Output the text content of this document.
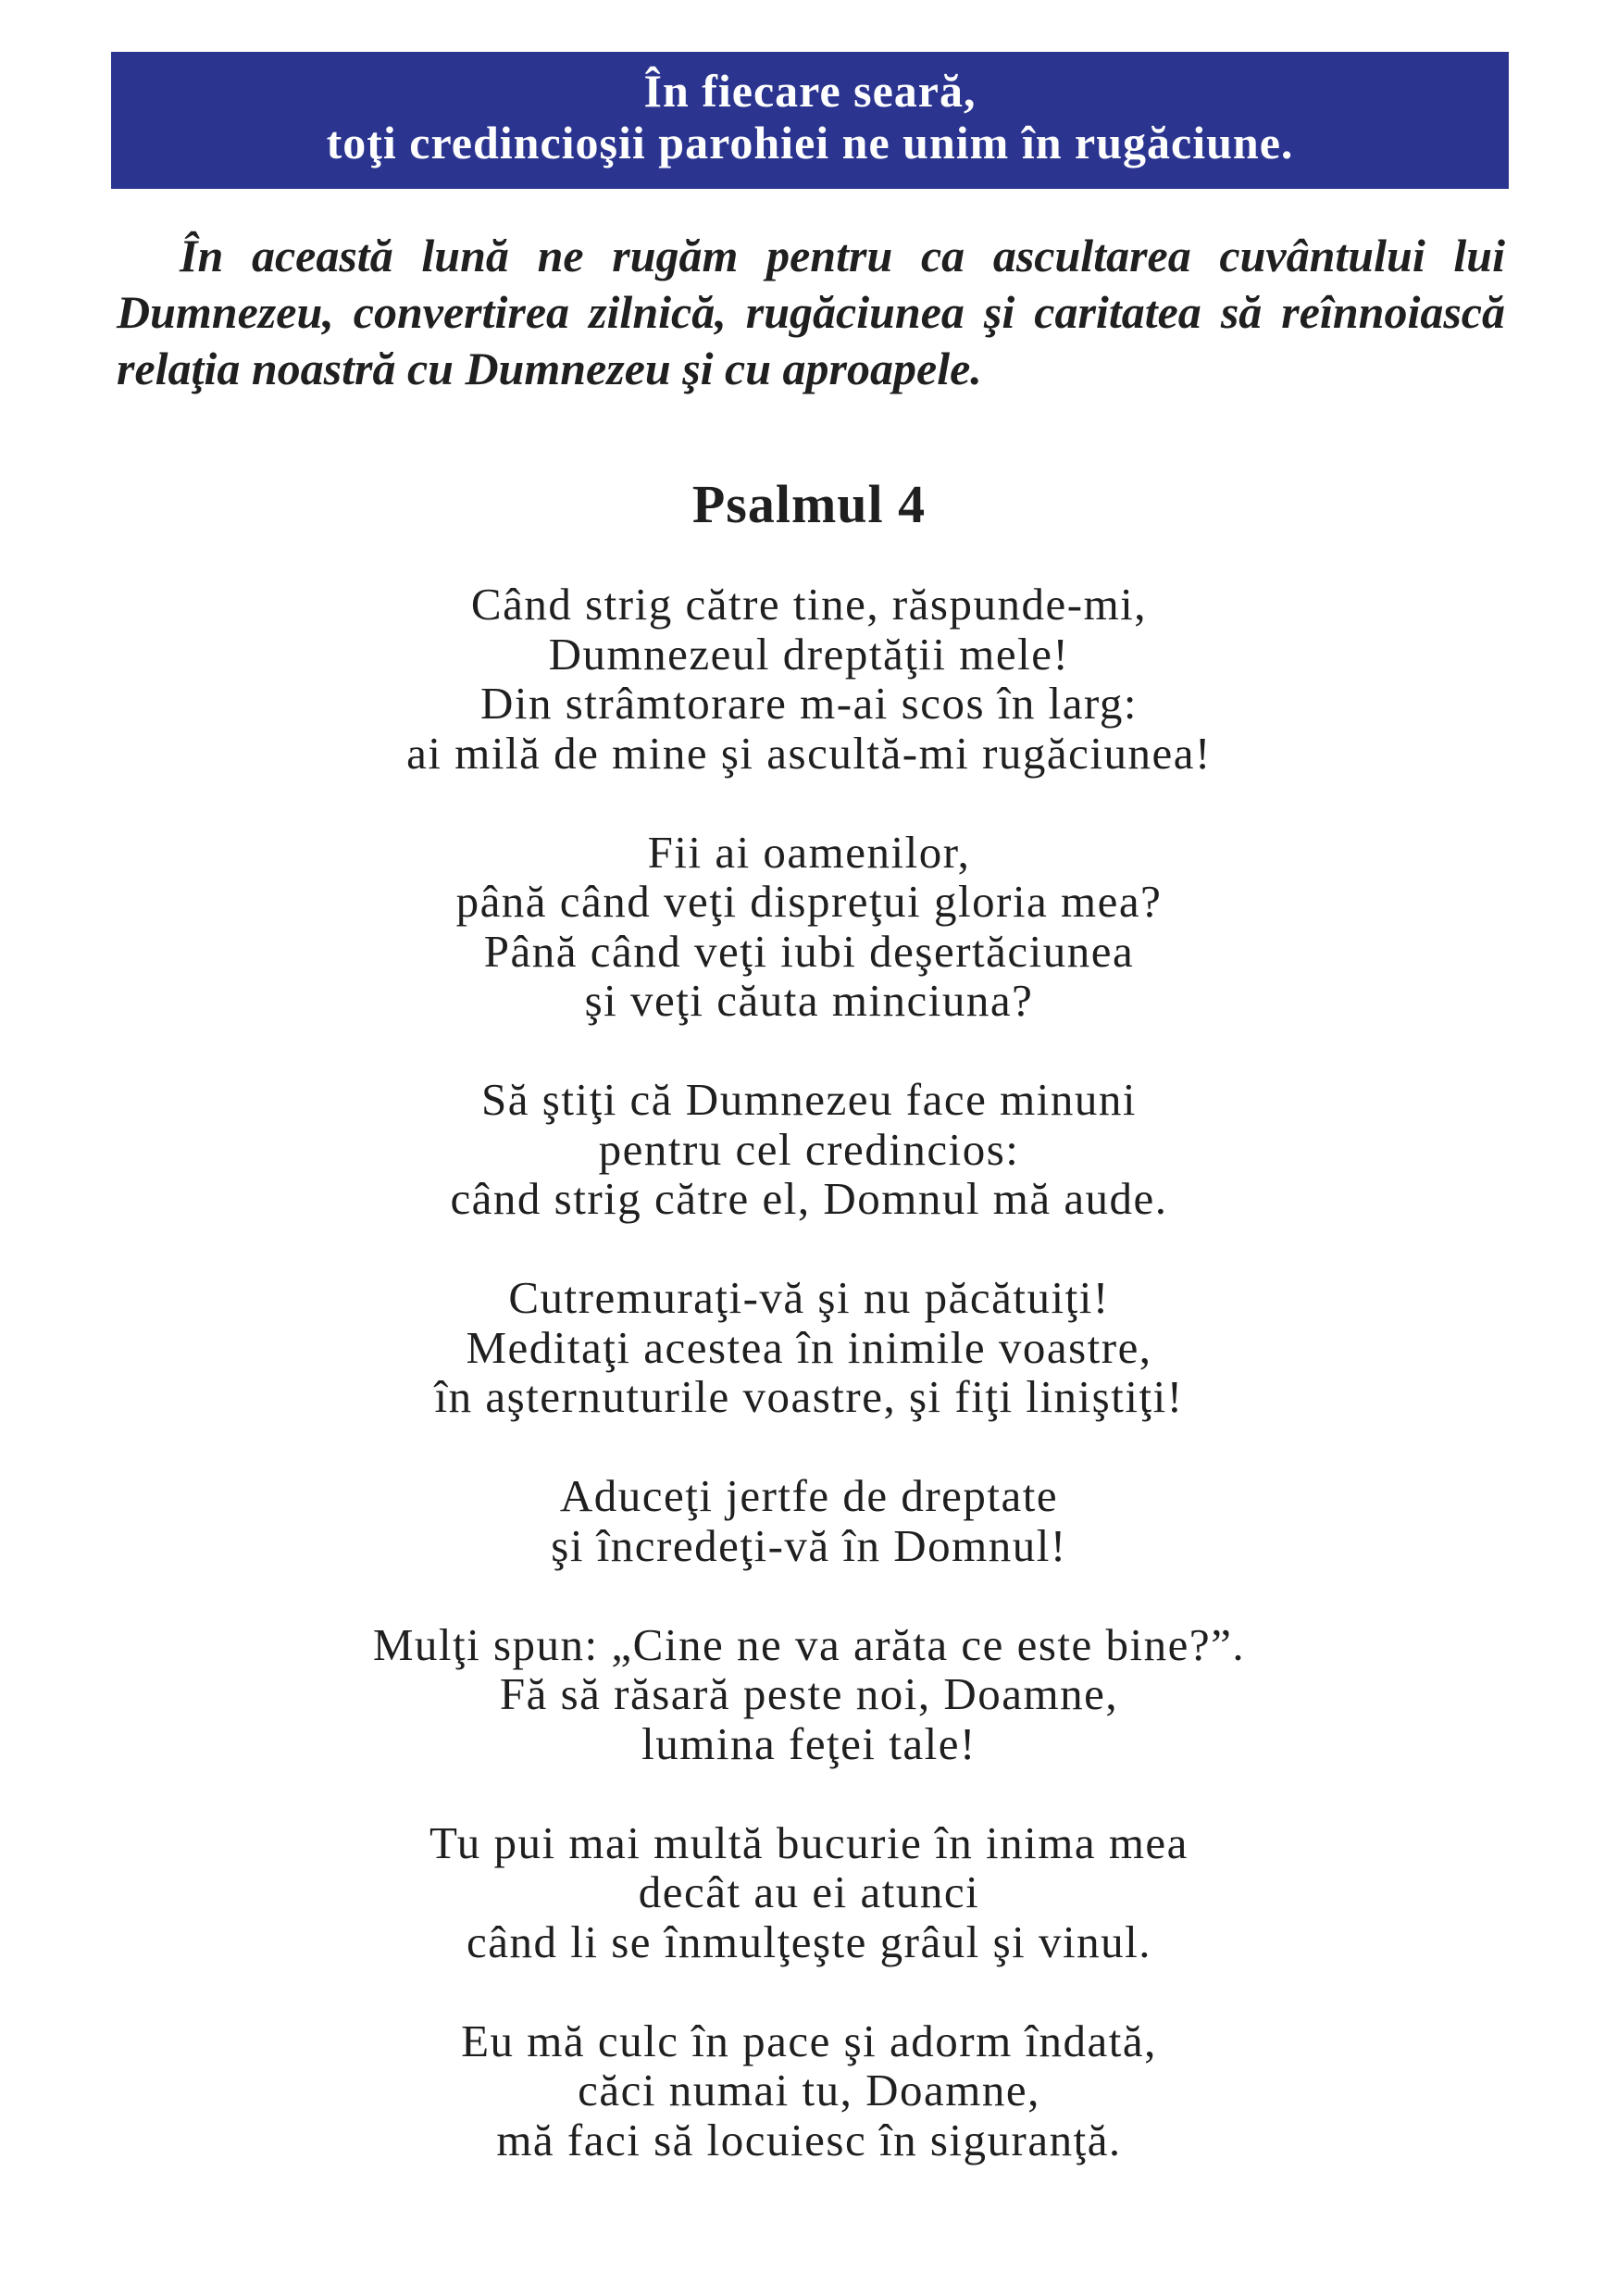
În fiecare seară,
toţi credincioşii parohiei ne unim în rugăciune.
În această lună ne rugăm pentru ca ascultarea cuvântului lui Dumnezeu, convertirea zilnică, rugăciunea şi caritatea să reînnoiască relaţia noastră cu Dumnezeu şi cu aproapele.
Psalmul 4
Când strig către tine, răspunde-mi,
Dumnezeul dreptăţii mele!
Din strâmtorare m-ai scos în larg:
ai milă de mine şi ascultă-mi rugăciunea!
Fii ai oamenilor,
până când veţi dispreţui gloria mea?
Până când veţi iubi deşertăciunea
şi veţi căuta minciuna?
Să ştiţi că Dumnezeu face minuni
pentru cel credincios:
când strig către el, Domnul mă aude.
Cutremuraţi-vă şi nu păcătuiţi!
Meditaţi acestea în inimile voastre,
în aşternuturile voastre, şi fiţi liniştiţi!
Aduceţi jertfe de dreptate
şi încredeţi-vă în Domnul!
Mulţi spun: „Cine ne va arăta ce este bine?”.
Fă să răsară peste noi, Doamne,
lumina feţei tale!
Tu pui mai multă bucurie în inima mea
decât au ei atunci
când li se înmulţeşte grâul şi vinul.
Eu mă culc în pace şi adorm îndată,
căci numai tu, Doamne,
mă faci să locuiesc în siguranţă.
